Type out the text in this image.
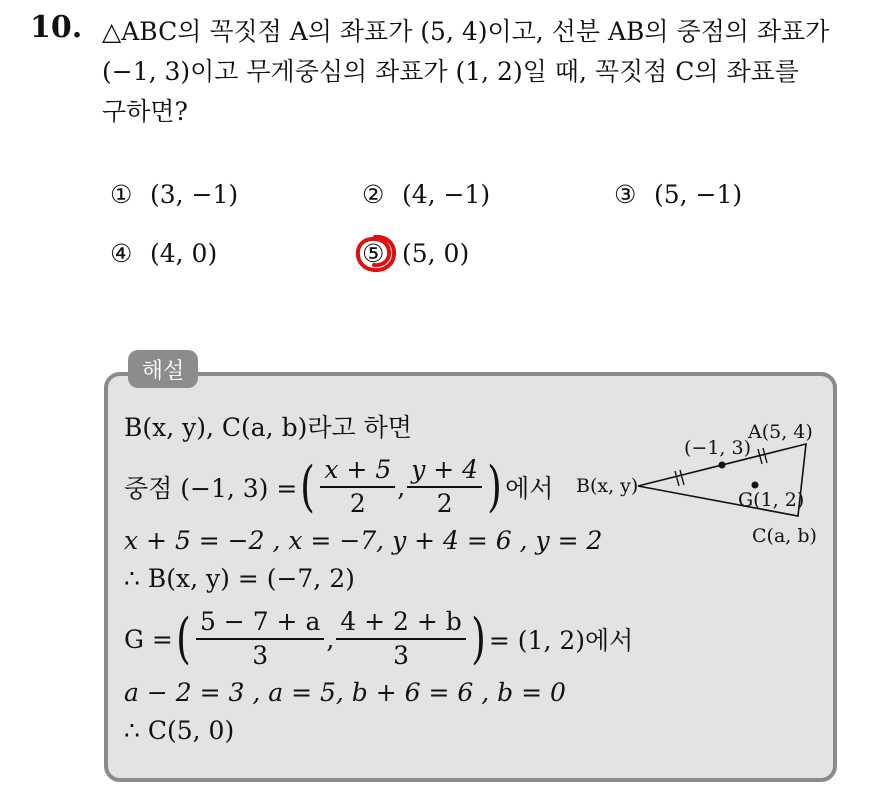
10. △ABC의 꼭짓점 A의 좌표가 (5, 4)이고, 선분 AB의 중점의 좌표가
(−1, 3)이고 무게중심의 좌표가 (1, 2)일 때, 꼭짓점 C의 좌표를
구하면?
① (3, −1)	② (4, −1)	③ (5, −1)
④ (4, 0)	⑤ (5, 0)
해설
B(x, y), C(a, b)라고 하면
중점 (−1, 3) = ( $\frac{x + 5}{2}$ , $\frac{y + 4}{2}$ ) 에서
x + 5 = −2 , x = −7, y + 4 = 6 , y = 2
∴ B(x, y) = (−7, 2)
G = ( $\frac{5 - 7 + a}{3}$ , $\frac{4 + 2 + b}{3}$ ) = (1, 2)에서
a − 2 = 3 , a = 5, b + 6 = 6 , b = 0
∴ C(5, 0)
B(x, y)
A(5, 4)
(−1, 3)
G(1, 2)
C(a, b)
